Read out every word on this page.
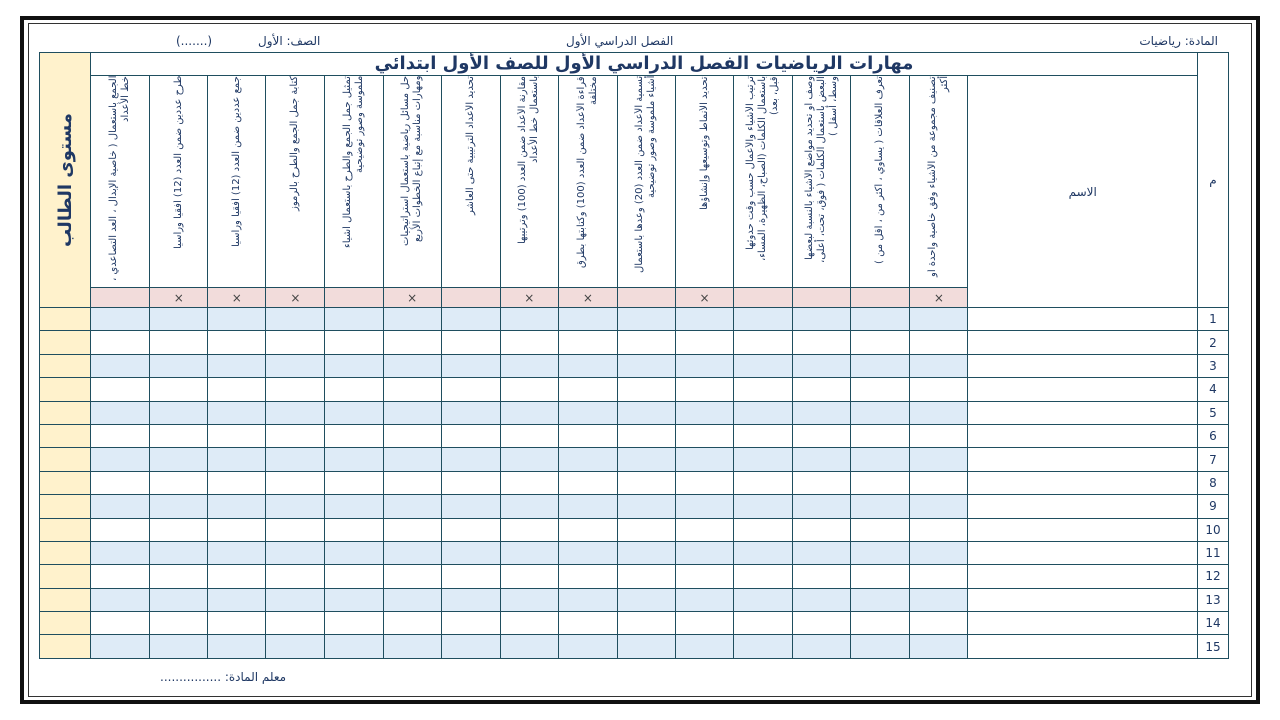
المادة: رياضيات
الفصل الدراسي الأول
الصف: الأول
(.......)
مستوى الطالب	مهارات الرياضيات الفصل الدراسي الأول للصف الأول ابتدائي																م

	الجمع باستعمال ( خاصية الإبدال ، العد التصاعدي ، خط الأعداد	طرح عددين ضمن العدد (12) أفقيا ورأسيا	جمع عددين ضمن العدد (12) أفقيا ورأسيا	كتابة جمل الجمع والطرح بالرموز	تمثيل جمل الجمع والطرح باستعمال أشياء ملموسة وصور توضيحية	حل مسائل رياضية باستعمال استراتيجيات ومهارات مناسبة مع إتباع الخطوات الأربع	تحديد الأعداد الترتيبية حتى العاشر	مقارنة الأعداد ضمن العدد (100) وترتيبها باستعمال خط الأعداد	قراءة الأعداد ضمن العدد (100) وكتابتها بطرق مختلفة	تسمية الأعداد ضمن العدد (20) وعدها باستعمال أشياء ملموسة وصور توضيحية	تحديد الأنماط وتوسيعها وإنشاؤها	ترتيب الأشياء والأعمال حسب وقت حدوثها باستعمال الكلمات (الصباح، الظهيرة، المساء، قبل، بعد)	وصف أو تحديد مواضع الأشياء بالنسبة لبعضها البعض باستعمال الكلمات ( فوق، تحت، أعلى، وسط، أسفل )	تعرف العلاقات ( يساوي ، أكثر من ، أقل من )	تصنيف مجموعة من الأشياء وفق خاصية واحدة أو أكثر	الاسم	
		×	×	×		×		×	×		×				×		
																	1
																	2
																	3
																	4
																	5
																	6
																	7
																	8
																	9
																	10
																	11
																	12
																	13
																	14
																	15
معلم المادة: ................
